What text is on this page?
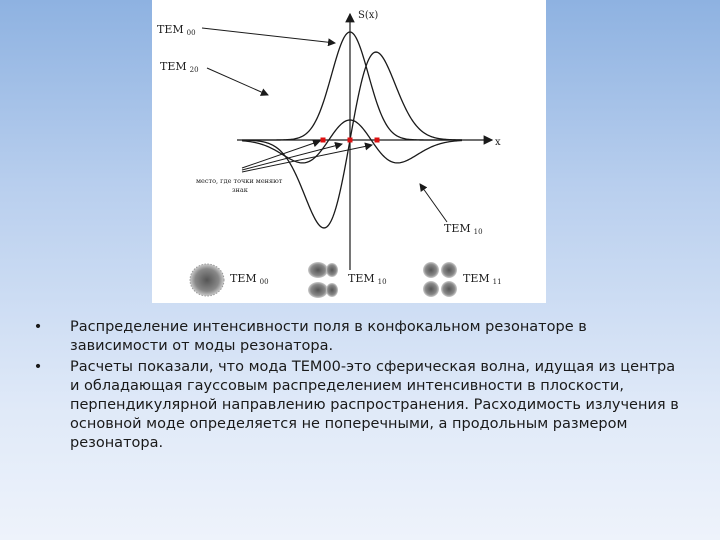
S(x)
x
TEM 00
TEM 20
TEM 10
место, где точки меняют
знак
TEM 00	TEM 10	TEM 11
•	Распределение интенсивности поля в конфокальном резонаторе в зависимости от моды резонатора.
•	Расчеты показали, что мода ТЕМ00-это сферическая волна, идущая из центра и обладающая гауссовым распределением интенсивности в плоскости, перпендикулярной направлению распространения. Расходимость излучения в основной моде определяется не поперечными, а продольным размером резонатора.
